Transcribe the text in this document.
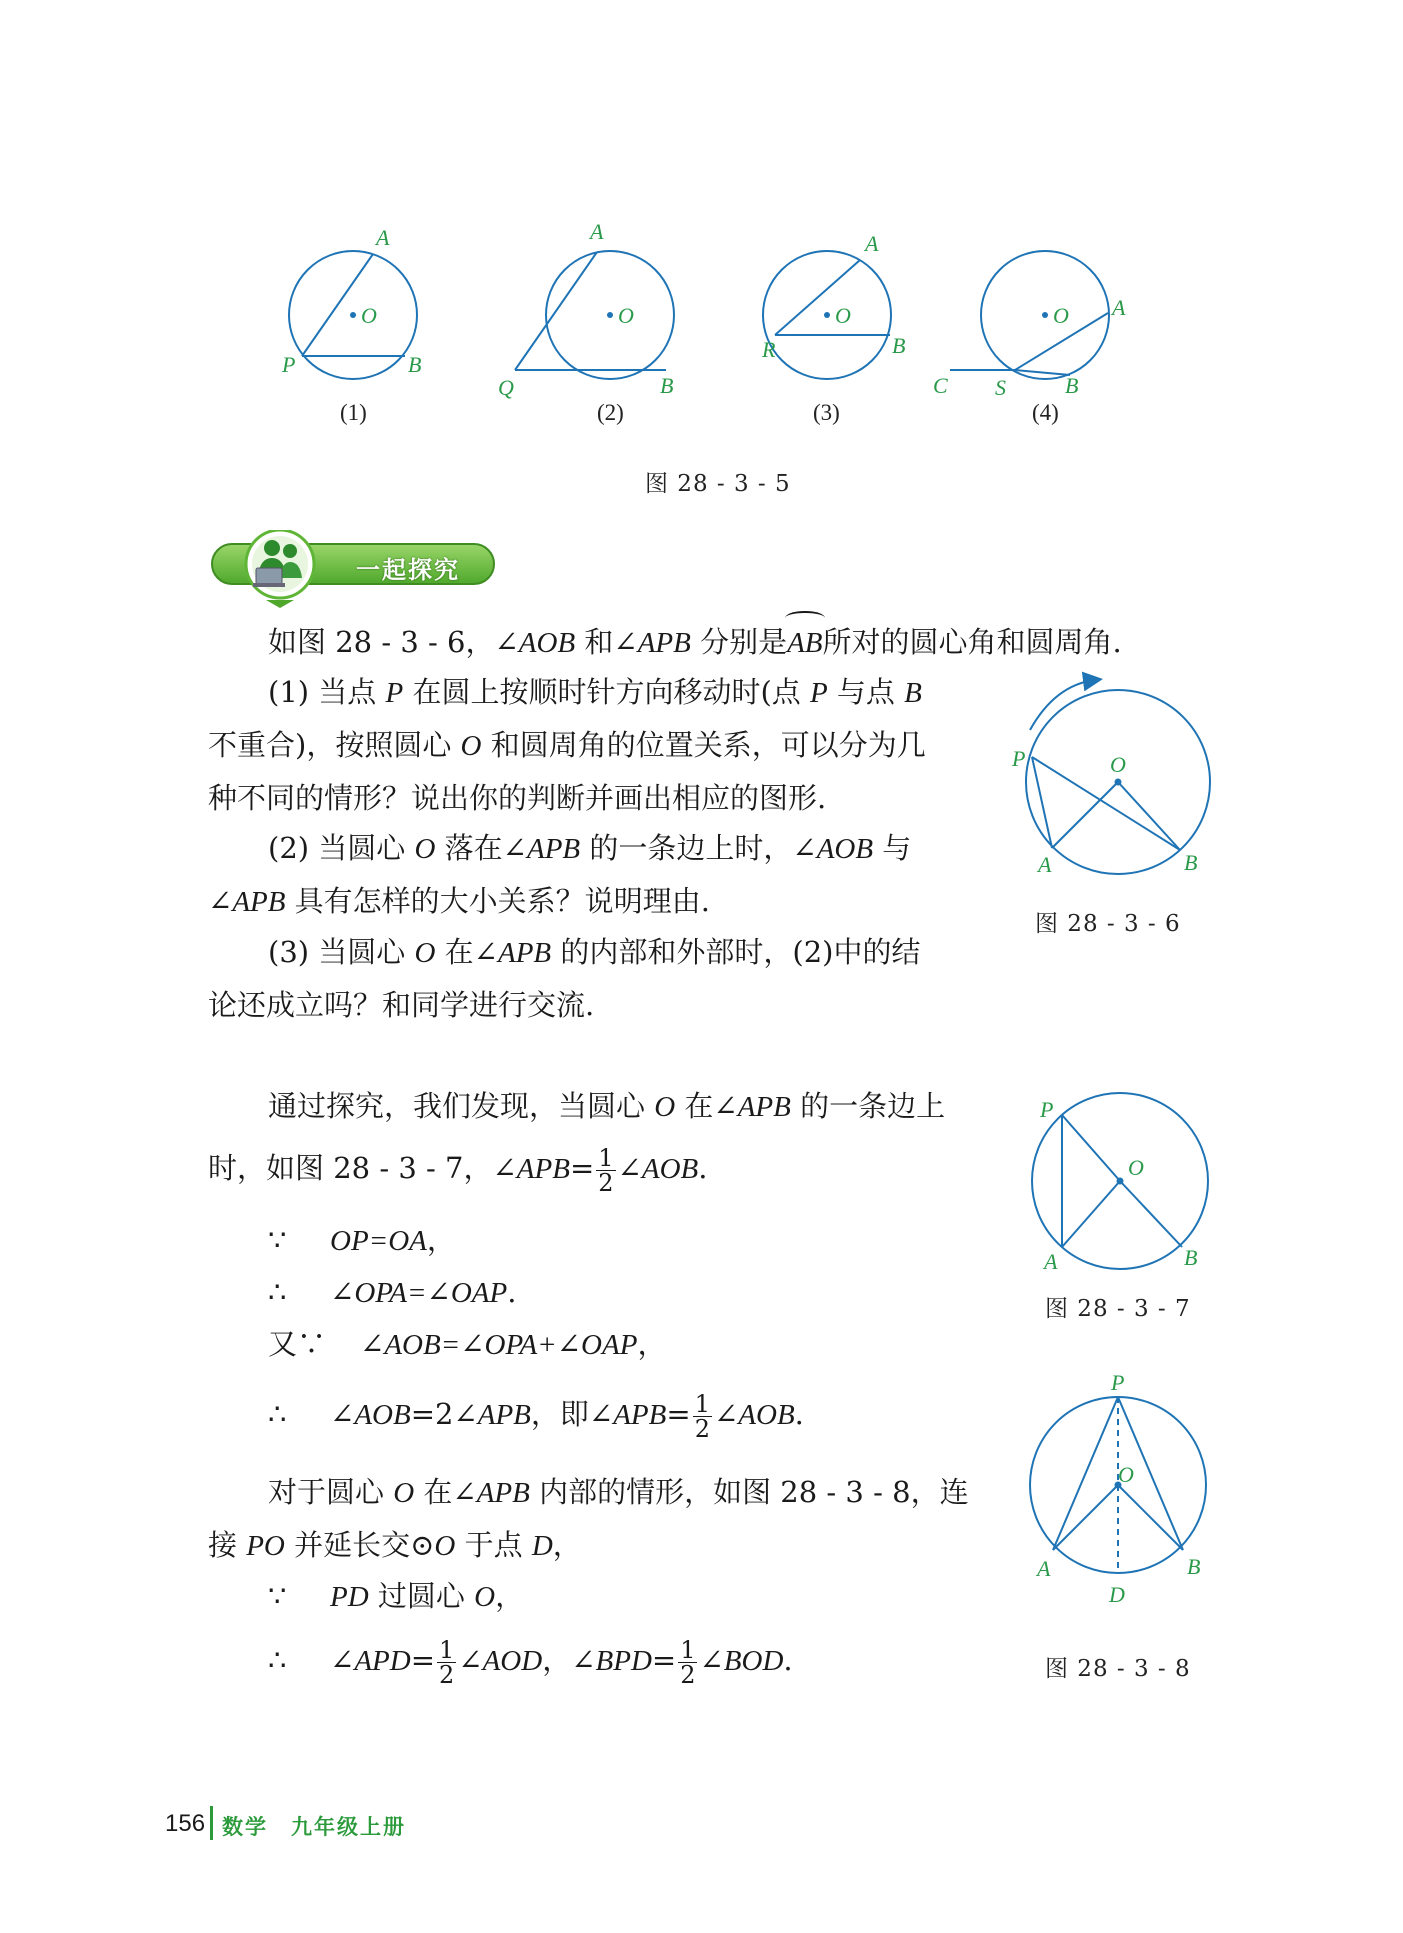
A
O
P	B
A
O
Q	B
A
O
R	B
A
O
C S	B
(1)	(2)	(3)	(4)
图 28 - 3 - 5
一起探究
如图 28 - 3 - 6，∠AOB 和∠APB 分别是AB所对的圆心角和圆周角.
(1) 当点 P 在圆上按顺时针方向移动时(点 P 与点 B
不重合)，按照圆心 O 和圆周角的位置关系，可以分为几
种不同的情形？说出你的判断并画出相应的图形.
(2) 当圆心 O 落在∠APB 的一条边上时，∠AOB 与
∠APB 具有怎样的大小关系？说明理由.
(3) 当圆心 O 在∠APB 的内部和外部时，(2)中的结
论还成立吗？和同学进行交流.
P	O
A	B
图 28 - 3 - 6
通过探究，我们发现，当圆心 O 在∠APB 的一条边上
时，如图 28 - 3 - 7，∠APB= $\frac{1}{2}$ ∠AOB.
∵ OP=OA，
∴ ∠OPA=∠OAP.
又∵ ∠AOB=∠OPA+∠OAP，
∴ ∠AOB=2∠APB，即∠APB= $\frac{1}{2}$ ∠AOB.
对于圆心 O 在∠APB 内部的情形，如图 28 - 3 - 8，连
接 PO 并延长交⊙O 于点 D，
∵ PD 过圆心 O，
∴ ∠APD= $\frac{1}{2}$ ∠AOD，∠BPD= $\frac{1}{2}$ ∠BOD.
P
O
A	B
图 28 - 3 - 7
P
O
A	B
D
图 28 - 3 - 8
156 数学　九年级上册
